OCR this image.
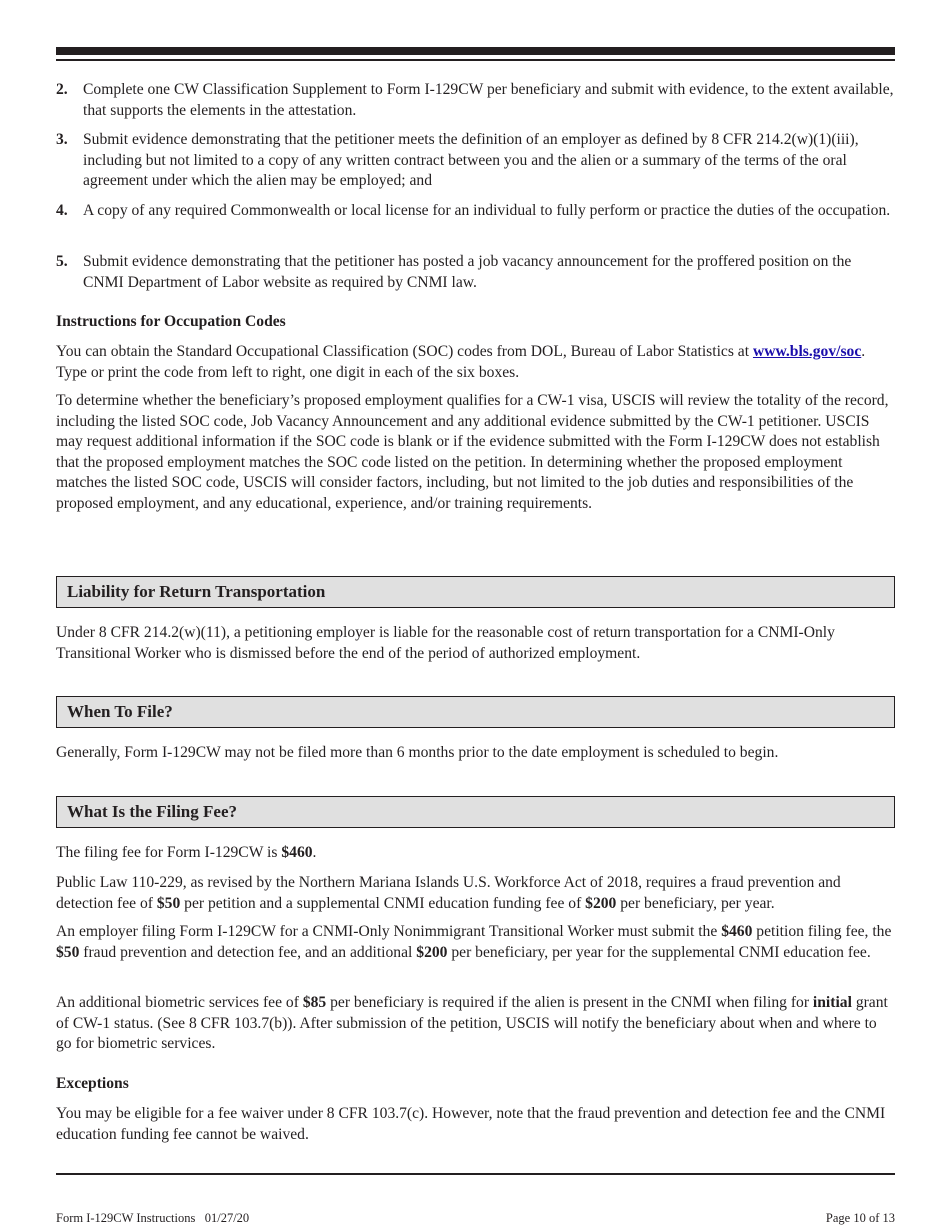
2. Complete one CW Classification Supplement to Form I-129CW per beneficiary and submit with evidence, to the extent available, that supports the elements in the attestation.
3. Submit evidence demonstrating that the petitioner meets the definition of an employer as defined by 8 CFR 214.2(w)(1)(iii), including but not limited to a copy of any written contract between you and the alien or a summary of the terms of the oral agreement under which the alien may be employed; and
4. A copy of any required Commonwealth or local license for an individual to fully perform or practice the duties of the occupation.
5. Submit evidence demonstrating that the petitioner has posted a job vacancy announcement for the proffered position on the CNMI Department of Labor website as required by CNMI law.
Instructions for Occupation Codes
You can obtain the Standard Occupational Classification (SOC) codes from DOL, Bureau of Labor Statistics at www.bls.gov/soc. Type or print the code from left to right, one digit in each of the six boxes.
To determine whether the beneficiary’s proposed employment qualifies for a CW-1 visa, USCIS will review the totality of the record, including the listed SOC code, Job Vacancy Announcement and any additional evidence submitted by the CW-1 petitioner. USCIS may request additional information if the SOC code is blank or if the evidence submitted with the Form I-129CW does not establish that the proposed employment matches the SOC code listed on the petition. In determining whether the proposed employment matches the listed SOC code, USCIS will consider factors, including, but not limited to the job duties and responsibilities of the proposed employment, and any educational, experience, and/or training requirements.
Liability for Return Transportation
Under 8 CFR 214.2(w)(11), a petitioning employer is liable for the reasonable cost of return transportation for a CNMI-Only Transitional Worker who is dismissed before the end of the period of authorized employment.
When To File?
Generally, Form I-129CW may not be filed more than 6 months prior to the date employment is scheduled to begin.
What Is the Filing Fee?
The filing fee for Form I-129CW is $460.
Public Law 110-229, as revised by the Northern Mariana Islands U.S. Workforce Act of 2018, requires a fraud prevention and detection fee of $50 per petition and a supplemental CNMI education funding fee of $200 per beneficiary, per year.
An employer filing Form I-129CW for a CNMI-Only Nonimmigrant Transitional Worker must submit the $460 petition filing fee, the $50 fraud prevention and detection fee, and an additional $200 per beneficiary, per year for the supplemental CNMI education fee.
An additional biometric services fee of $85 per beneficiary is required if the alien is present in the CNMI when filing for initial grant of CW-1 status. (See 8 CFR 103.7(b)). After submission of the petition, USCIS will notify the beneficiary about when and where to go for biometric services.
Exceptions
You may be eligible for a fee waiver under 8 CFR 103.7(c). However, note that the fraud prevention and detection fee and the CNMI education funding fee cannot be waived.
Form I-129CW Instructions   01/27/20	Page 10 of 13
